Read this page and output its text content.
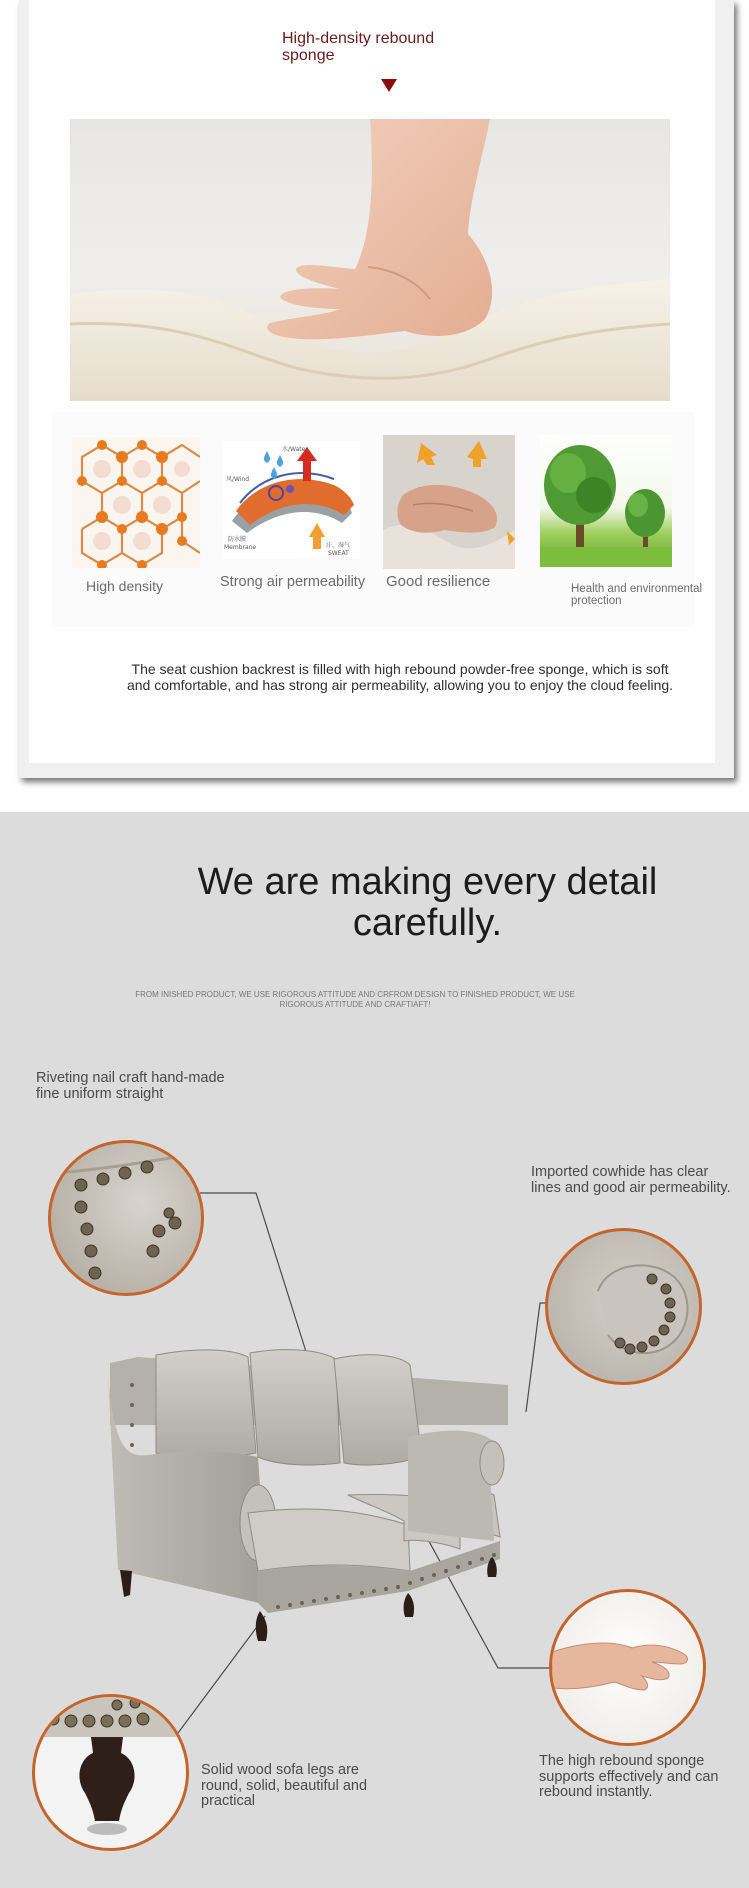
High-density rebound sponge
水/Water
风/Wind
防水膜
Membrane	汗、湿气
SWEAT
High density	Strong air permeability Good resilience	Health and environmental protection
The seat cushion backrest is filled with high rebound powder-free sponge, which is soft and comfortable, and has strong air permeability, allowing you to enjoy the cloud feeling.
We are making every detail carefully.
FROM INISHED PRODUCT, WE USE RIGOROUS ATTITUDE AND CRFROM DESIGN TO FINISHED PRODUCT, WE USE RIGOROUS ATTITUDE AND CRAFTIAFT!
Riveting nail craft hand-made fine uniform straight
Imported cowhide has clear lines and good air permeability.
Solid wood sofa legs are round, solid, beautiful and practical
The high rebound sponge supports effectively and can rebound instantly.
